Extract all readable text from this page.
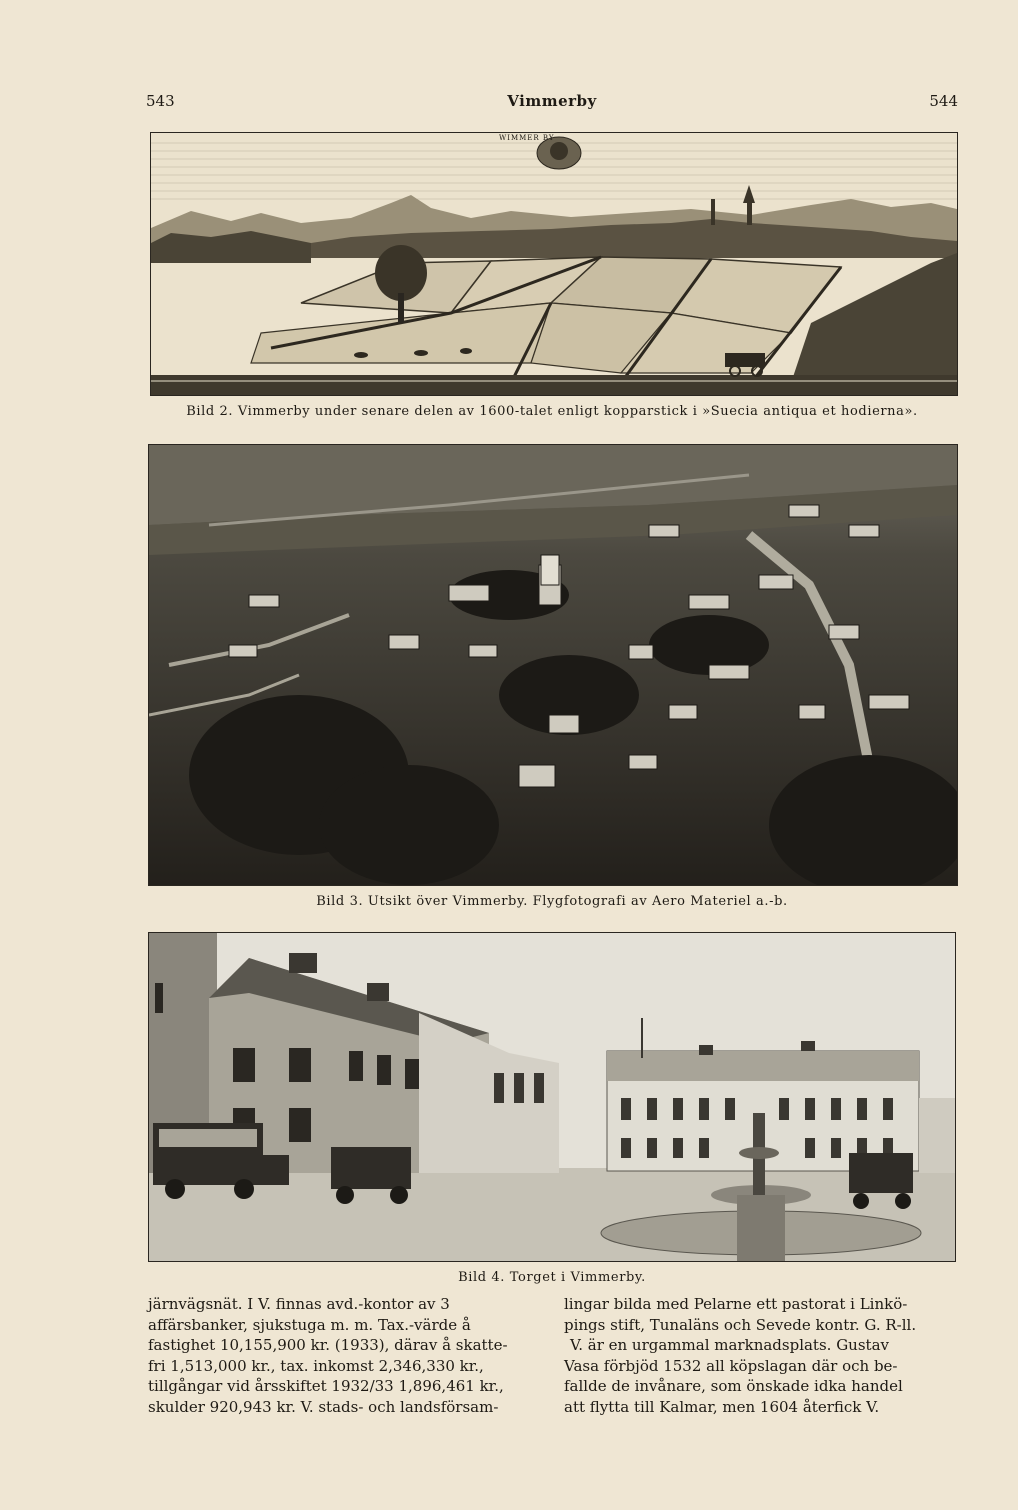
543	Vimmerby	544
WIMMER BY
Bild 2. Vimmerby under senare delen av 1600-talet enligt kopparstick i »Suecia antiqua et hodierna».
Bild 3. Utsikt över Vimmerby. Flygfotografi av Aero Materiel a.-b.
Bild 4. Torget i Vimmerby.
järnvägsnät. I V. finnas avd.-kontor av 3
affärsbanker, sjukstuga m. m. Tax.-värde å
fastighet 10,155,900 kr. (1933), därav å skatte-
fri 1,513,000 kr., tax. inkomst 2,346,330 kr.,
tillgångar vid årsskiftet 1932/33 1,896,461 kr.,
skulder 920,943 kr. V. stads- och landsförsam-
lingar bilda med Pelarne ett pastorat i Linkö-
pings stift, Tunaläns och Sevede kontr. G. R-ll.
V. är en urgammal marknadsplats. Gustav
Vasa förbjöd 1532 all köpslagan där och be-
fallde de invånare, som önskade idka handel
att flytta till Kalmar, men 1604 återfick V.
